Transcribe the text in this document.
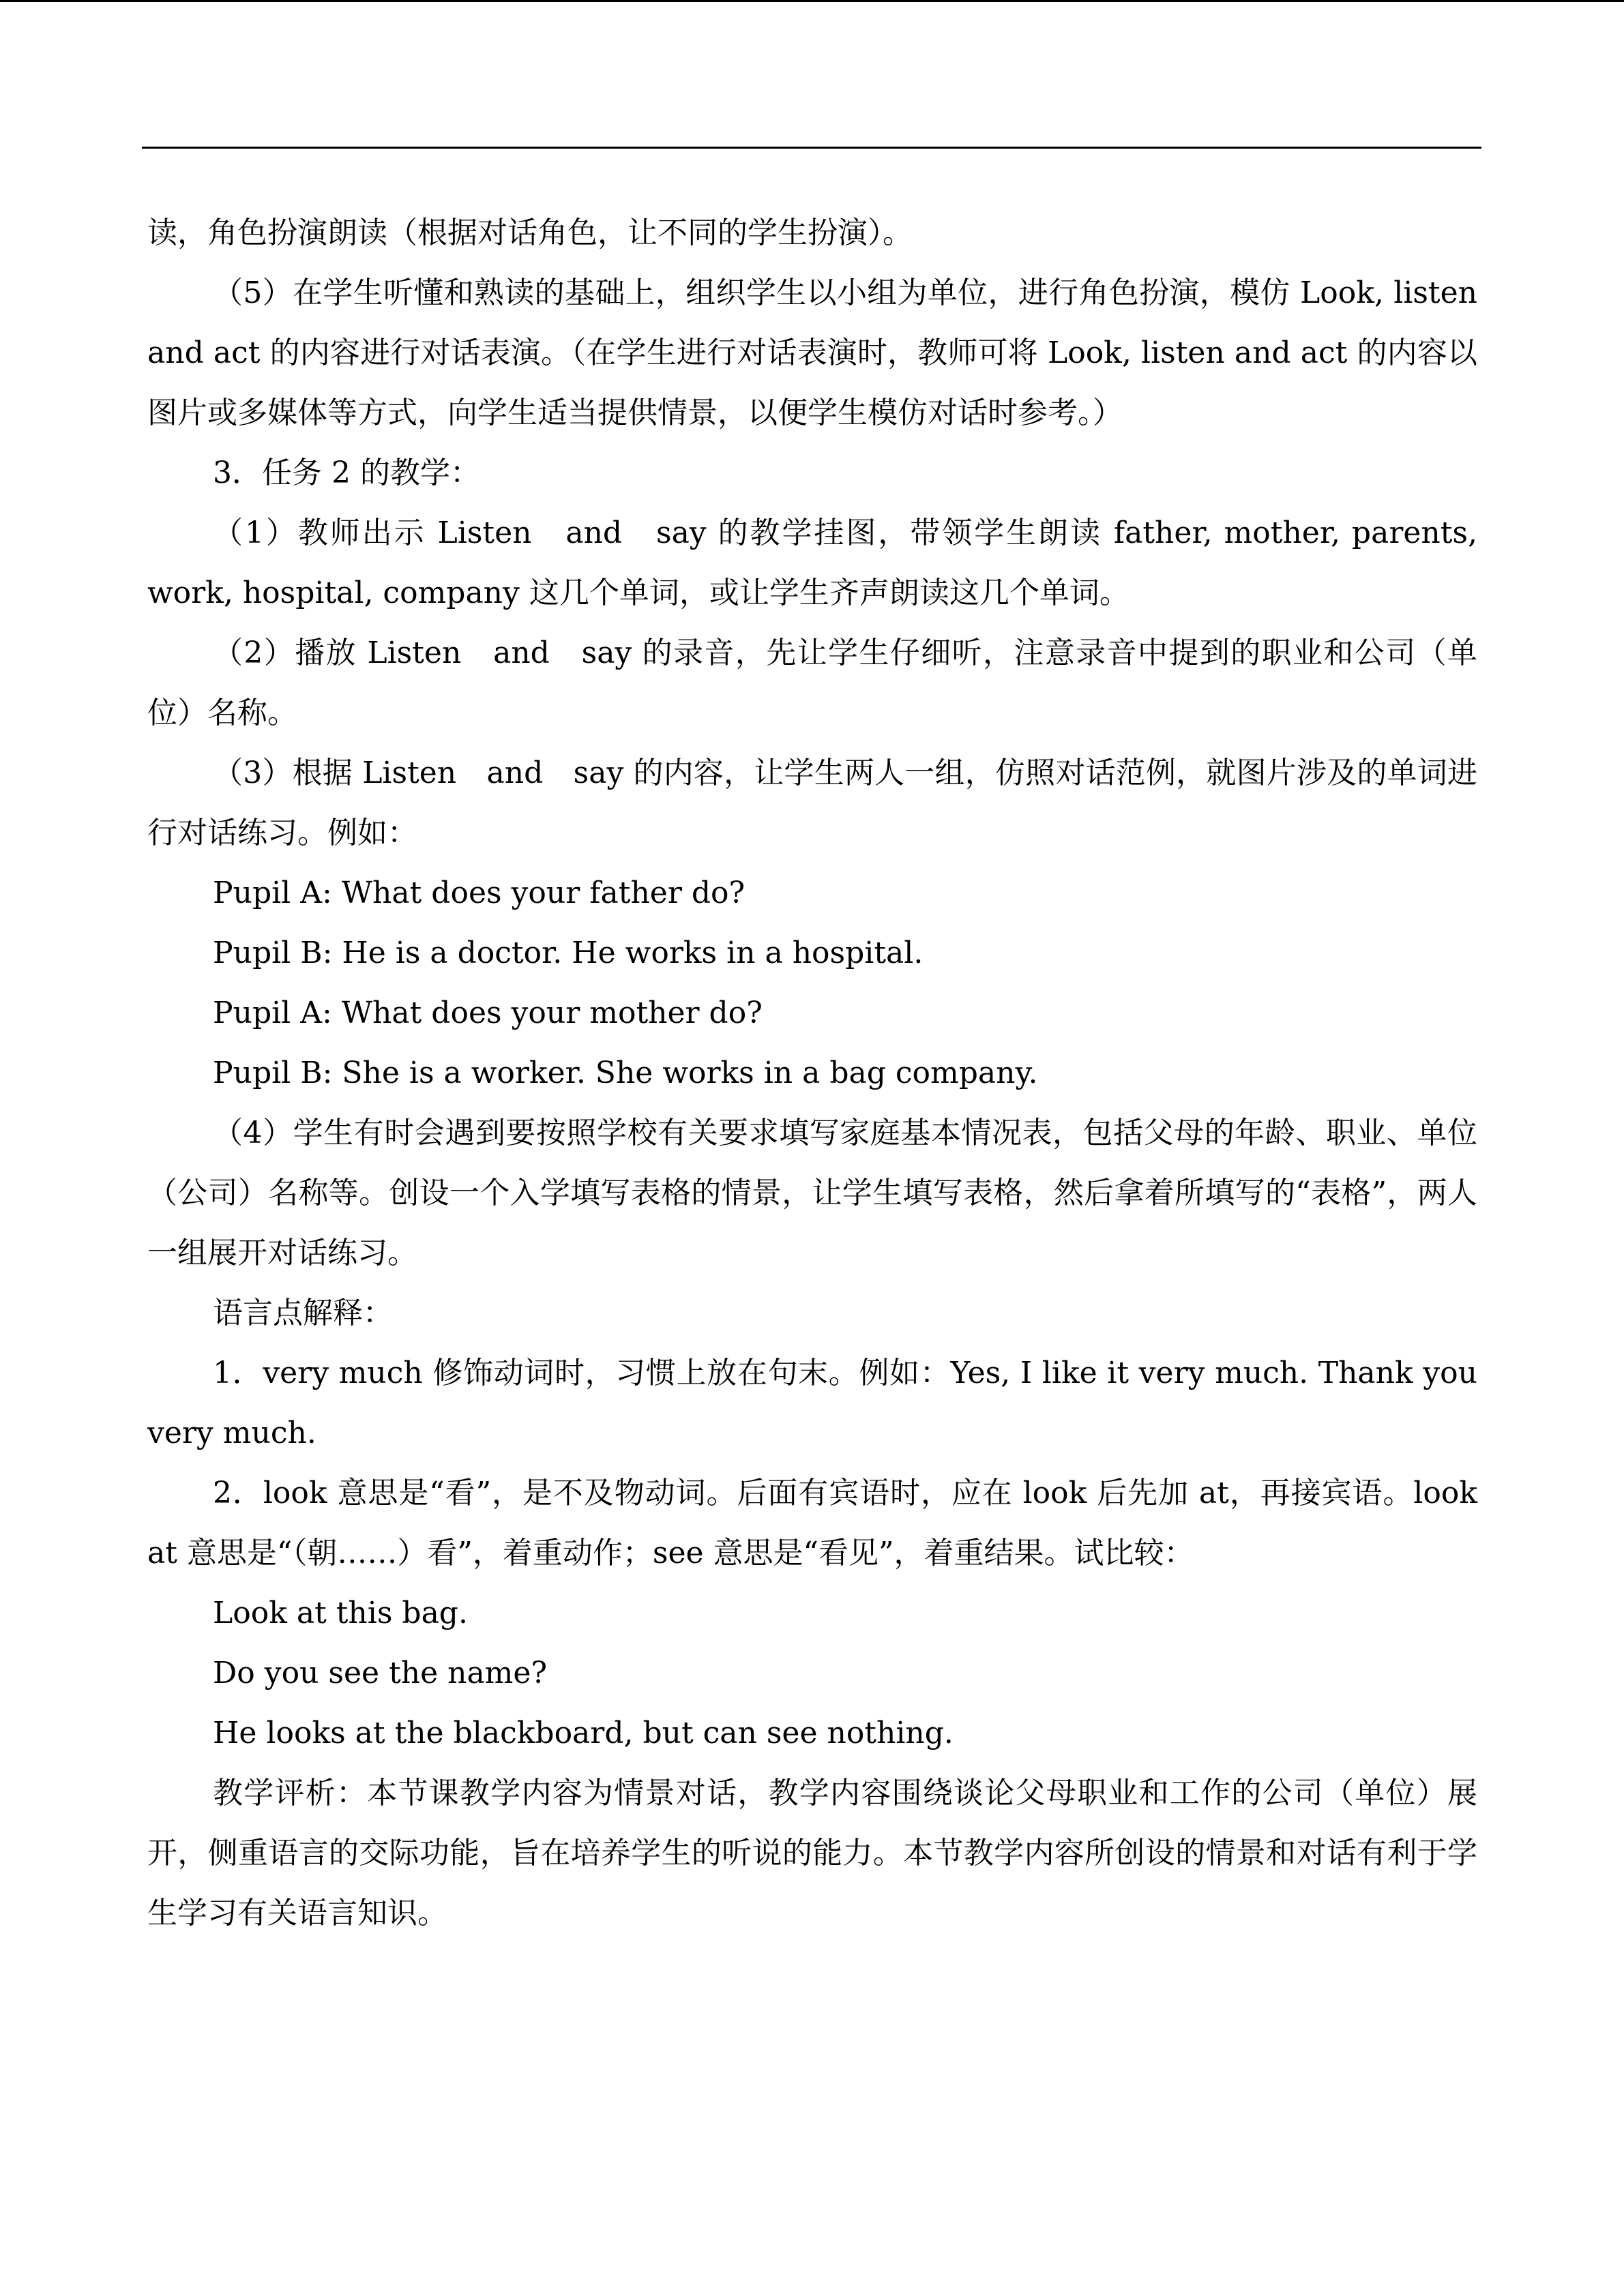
读，角色扮演朗读（根据对话角色，让不同的学生扮演）。

（5）在学生听懂和熟读的基础上，组织学生以小组为单位，进行角色扮演，模仿 Look, listen and act 的内容进行对话表演。（在学生进行对话表演时，教师可将 Look, listen and act 的内容以图片或多媒体等方式，向学生适当提供情景，以便学生模仿对话时参考。）

3．任务 2 的教学：

（1）教师出示 Listen　and　say 的教学挂图，带领学生朗读 father, mother, parents, work, hospital, company 这几个单词，或让学生齐声朗读这几个单词。

（2）播放 Listen　and　say 的录音，先让学生仔细听，注意录音中提到的职业和公司（单位）名称。

（3）根据 Listen　and　say 的内容，让学生两人一组，仿照对话范例，就图片涉及的单词进行对话练习。例如：

Pupil A: What does your father do?

Pupil B: He is a doctor. He works in a hospital.

Pupil A: What does your mother do?

Pupil B: She is a worker. She works in a bag company.

（4）学生有时会遇到要按照学校有关要求填写家庭基本情况表，包括父母的年龄、职业、单位（公司）名称等。创设一个入学填写表格的情景，让学生填写表格，然后拿着所填写的“表格”，两人一组展开对话练习。

语言点解释：

1．very much 修饰动词时，习惯上放在句末。例如：Yes, I like it very much. Thank you very much.

2．look 意思是“看”，是不及物动词。后面有宾语时，应在 look 后先加 at，再接宾语。look at 意思是“（朝……）看”，着重动作；see 意思是“看见”，着重结果。试比较：

Look at this bag.

Do you see the name?

He looks at the blackboard, but can see nothing.

教学评析：本节课教学内容为情景对话，教学内容围绕谈论父母职业和工作的公司（单位）展开，侧重语言的交际功能，旨在培养学生的听说的能力。本节教学内容所创设的情景和对话有利于学生学习有关语言知识。
